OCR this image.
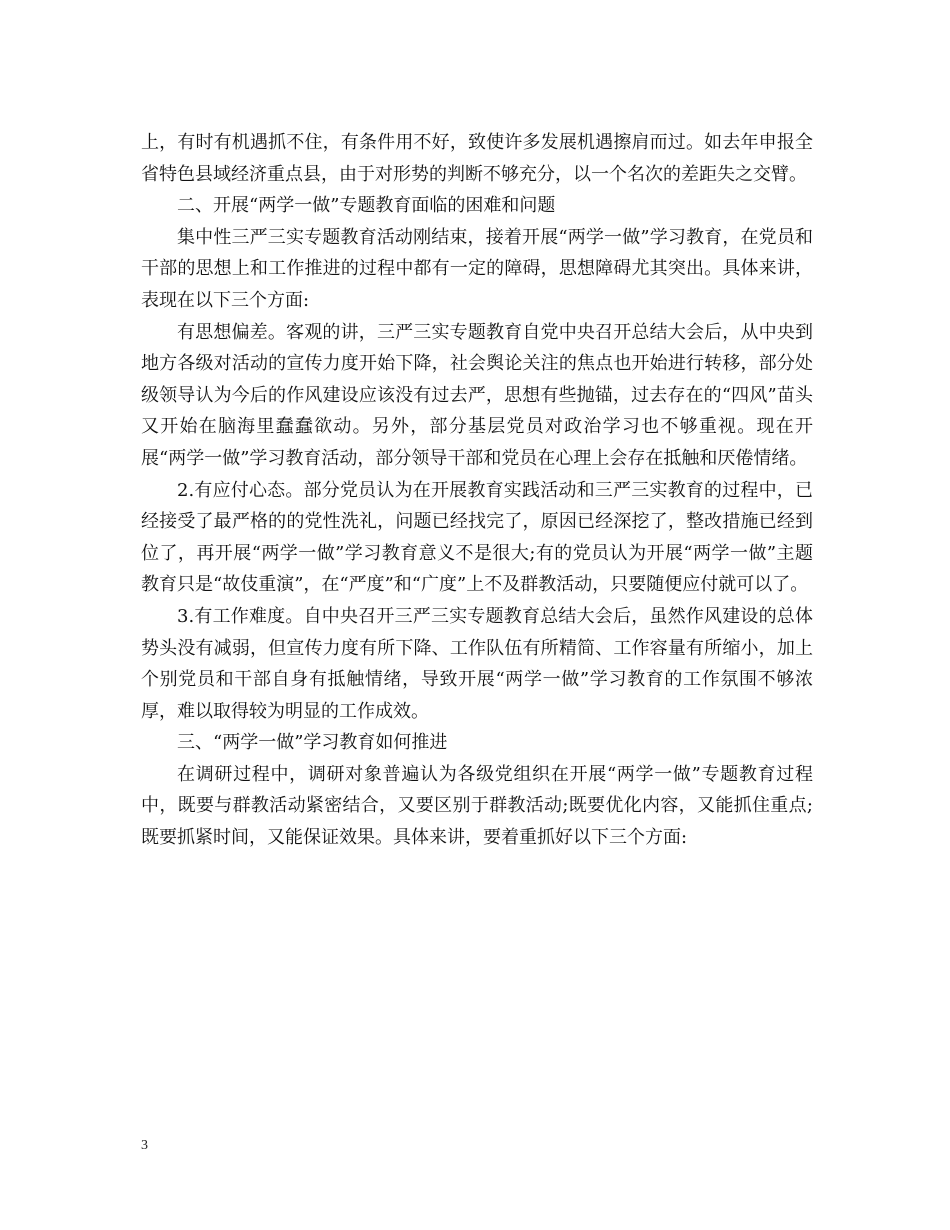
上，有时有机遇抓不住，有条件用不好，致使许多发展机遇擦肩而过。如去年申报全省特色县域经济重点县，由于对形势的判断不够充分，以一个名次的差距失之交臂。

二、开展“两学一做”专题教育面临的困难和问题

集中性三严三实专题教育活动刚结束，接着开展“两学一做”学习教育，在党员和干部的思想上和工作推进的过程中都有一定的障碍，思想障碍尤其突出。具体来讲，表现在以下三个方面:

有思想偏差。客观的讲，三严三实专题教育自党中央召开总结大会后，从中央到地方各级对活动的宣传力度开始下降，社会舆论关注的焦点也开始进行转移，部分处级领导认为今后的作风建设应该没有过去严，思想有些抛锚，过去存在的“四风”苗头又开始在脑海里蠢蠢欲动。另外，部分基层党员对政治学习也不够重视。现在开展“两学一做”学习教育活动，部分领导干部和党员在心理上会存在抵触和厌倦情绪。

2.有应付心态。部分党员认为在开展教育实践活动和三严三实教育的过程中，已经接受了最严格的的党性洗礼，问题已经找完了，原因已经深挖了，整改措施已经到位了，再开展“两学一做”学习教育意义不是很大;有的党员认为开展“两学一做”主题教育只是“故伎重演”，在“严度”和“广度”上不及群教活动，只要随便应付就可以了。

3.有工作难度。自中央召开三严三实专题教育总结大会后，虽然作风建设的总体势头没有减弱，但宣传力度有所下降、工作队伍有所精简、工作容量有所缩小，加上个别党员和干部自身有抵触情绪，导致开展“两学一做”学习教育的工作氛围不够浓厚，难以取得较为明显的工作成效。

三、“两学一做”学习教育如何推进

在调研过程中，调研对象普遍认为各级党组织在开展“两学一做”专题教育过程中，既要与群教活动紧密结合，又要区别于群教活动;既要优化内容，又能抓住重点;既要抓紧时间，又能保证效果。具体来讲，要着重抓好以下三个方面:

3
